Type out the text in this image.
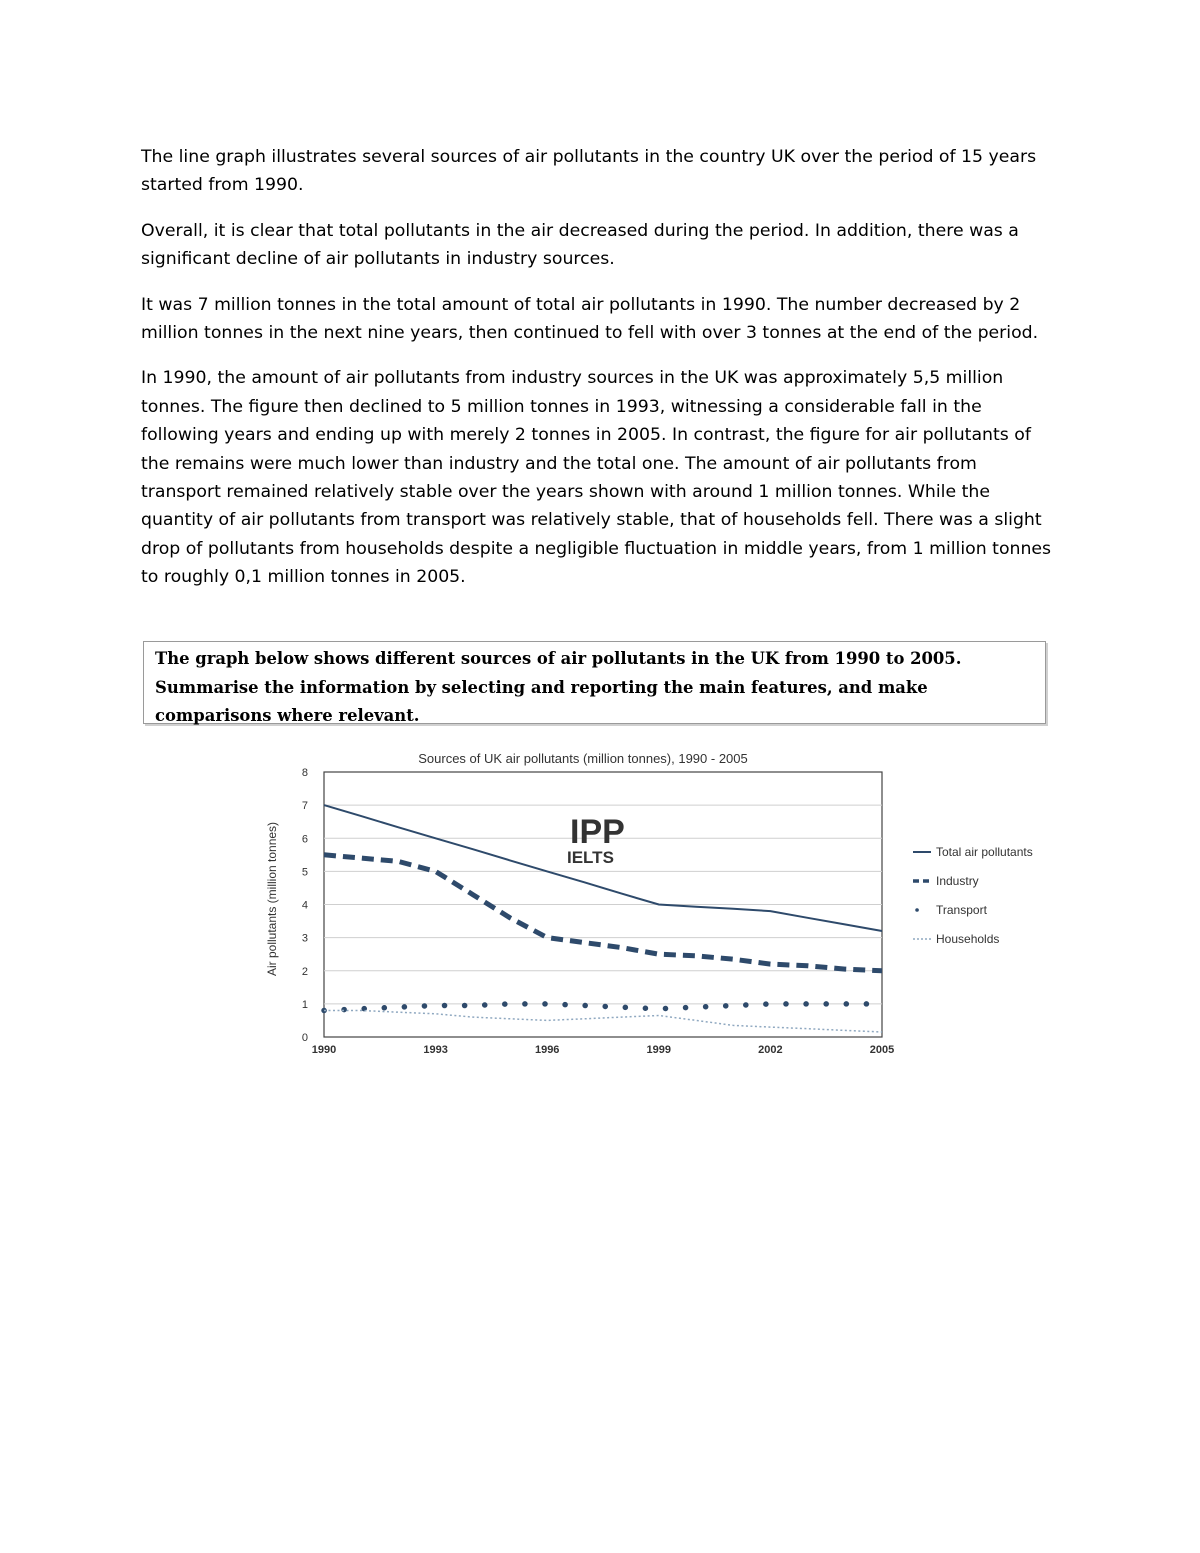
The line graph illustrates several sources of air pollutants in the country UK over the period of 15 years started from 1990.

Overall, it is clear that total pollutants in the air decreased during the period. In addition, there was a significant decline of air pollutants in industry sources.

It was 7 million tonnes in the total amount of total air pollutants in 1990. The number decreased by 2 million tonnes in the next nine years, then continued to fell with over 3 tonnes at the end of the period.

In 1990, the amount of air pollutants from industry sources in the UK was approximately 5,5 million tonnes. The figure then declined to 5 million tonnes in 1993, witnessing a considerable fall in the following years and ending up with merely 2 tonnes in 2005. In contrast, the figure for air pollutants of the remains were much lower than industry and the total one. The amount of air pollutants from transport remained relatively stable over the years shown with around 1 million tonnes. While the quantity of air pollutants from transport was relatively stable, that of households fell. There was a slight drop of pollutants from households despite a negligible fluctuation in middle years, from 1 million tonnes to roughly 0,1 million tonnes in 2005.

The graph below shows different sources of air pollutants in the UK from 1990 to 2005.
Summarise the information by selecting and reporting the main features, and make
comparisons where relevant.
Sources of UK air pollutants (million tonnes), 1990 - 2005
Air pollutants (million tonnes)
0
1
2
3
4
5
6
7
8
1990	1993	1996	1999	2002	2005
IPP
IELTS	Total air pollutants
Industry
Transport
Households
